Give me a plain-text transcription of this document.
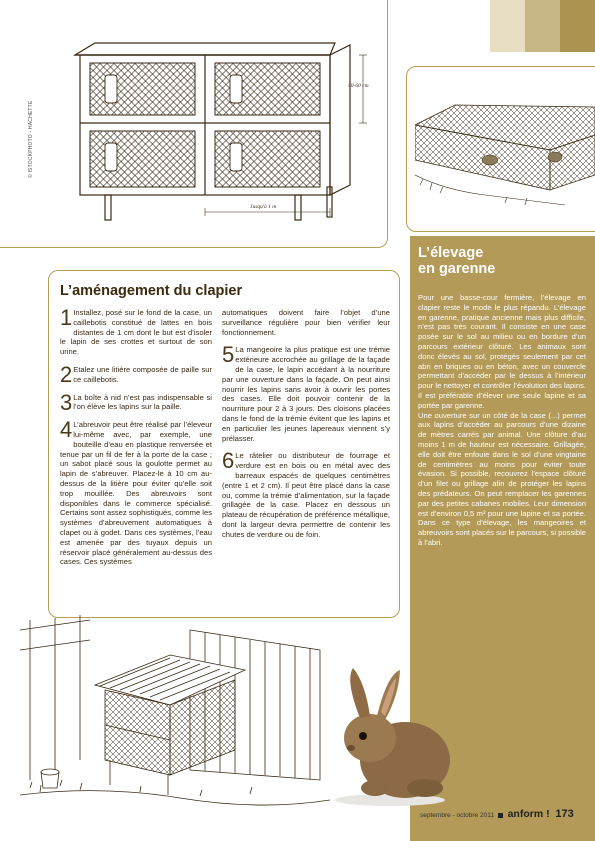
© ISTOCKPHOTO - HACHETTE
50-60 cm
Jusqu'à 1 m
L’aménagement du clapier

1 Installez, posé sur le fond de la case, un caillebotis constitué de lattes en bois distantes de 1 cm dont le but est d’isoler le lapin de ses crottes et surtout de son urine.

2 Etalez une litière composée de paille sur ce caillebotis.

3 La boîte à nid n’est pas indispensable si l’on élève les lapins sur la paille.

4 L’abreuvoir peut être réalisé par l’éleveur lui-même avec, par exemple, une bouteille d’eau en plastique renversée et tenue par un fil de fer à la porte de la case ; un sabot placé sous la goulotte permet au lapin de s’abreuver. Placez-le à 10 cm au-dessus de la litière pour éviter qu’elle soit trop mouillée. Des abreuvoirs sont disponibles dans le commerce spécialisé. Certains sont assez sophistiqués, comme les systèmes d’abreuvement automatiques à clapet ou à godet. Dans ces systèmes, l’eau est amenée par des tuyaux depuis un réservoir placé généralement au-dessus des cases. Ces systèmes

automatiques doivent faire l’objet d’une surveillance régulière pour bien vérifier leur fonctionnement.

5 La mangeoire la plus pratique est une trémie extérieure accrochée au grillage de la façade de la case, le lapin accédant à la nourriture par une ouverture dans la façade. On peut ainsi nourrir les lapins sans avoir à ouvrir les portes des cases. Elle doit pouvoir contenir de la nourriture pour 2 à 3 jours. Des cloisons placées dans le fond de la trémie évitent que les lapins et en particulier les jeunes lapereaux viennent s’y prélasser.

6 Le râtelier ou distributeur de fourrage et verdure est en bois ou en métal avec des barreaux espacés de quelques centimètres (entre 1 et 2 cm). Il peut être placé dans la case ou, comme la trémie d’alimentation, sur la façade grillagée de la case. Placez en dessous un plateau de récupération de préférence métallique, dont la largeur devra permettre de contenir les chutes de verdure ou de foin.

L’élevage
en garenne

Pour une basse-cour fermière, l’élevage en clapier reste le mode le plus répandu. L’élevage en garenne, pratique ancienne mais plus difficile, n’est pas très courant. Il consiste en une case posée sur le sol au milieu ou en bordure d’un parcours extérieur clôturé. Les animaux sont donc élevés au sol, protégés seulement par cet abri en briques ou en béton, avec un couvercle permettant d’accéder par le dessus à l’intérieur pour le nettoyer et contrôler l’évolution des lapins. Il est préférable d’élever une seule lapine et sa portée par garenne.

Une ouverture sur un côté de la case (...) permet aux lapins d’accéder au parcours d’une dizaine de mètres carrés par animal. Une clôture d’au moins 1 m de hauteur est nécessaire. Grillagée, elle doit être enfouie dans le sol d’une vingtaine de centimètres au moins pour éviter toute évasion. Si possible, recouvrez l’espace clôturé d’un filet ou grillage afin de protéger les lapins des prédateurs. On peut remplacer les garennes par des petites cabanes mobiles. Leur dimension est d’environ 0,5 m² pour une lapine et sa portée. Dans ce type d’élevage, les mangeoires et abreuvoirs sont placés sur le parcours, si possible à l’abri.

septembre - octobre 2011 anform ! 173
